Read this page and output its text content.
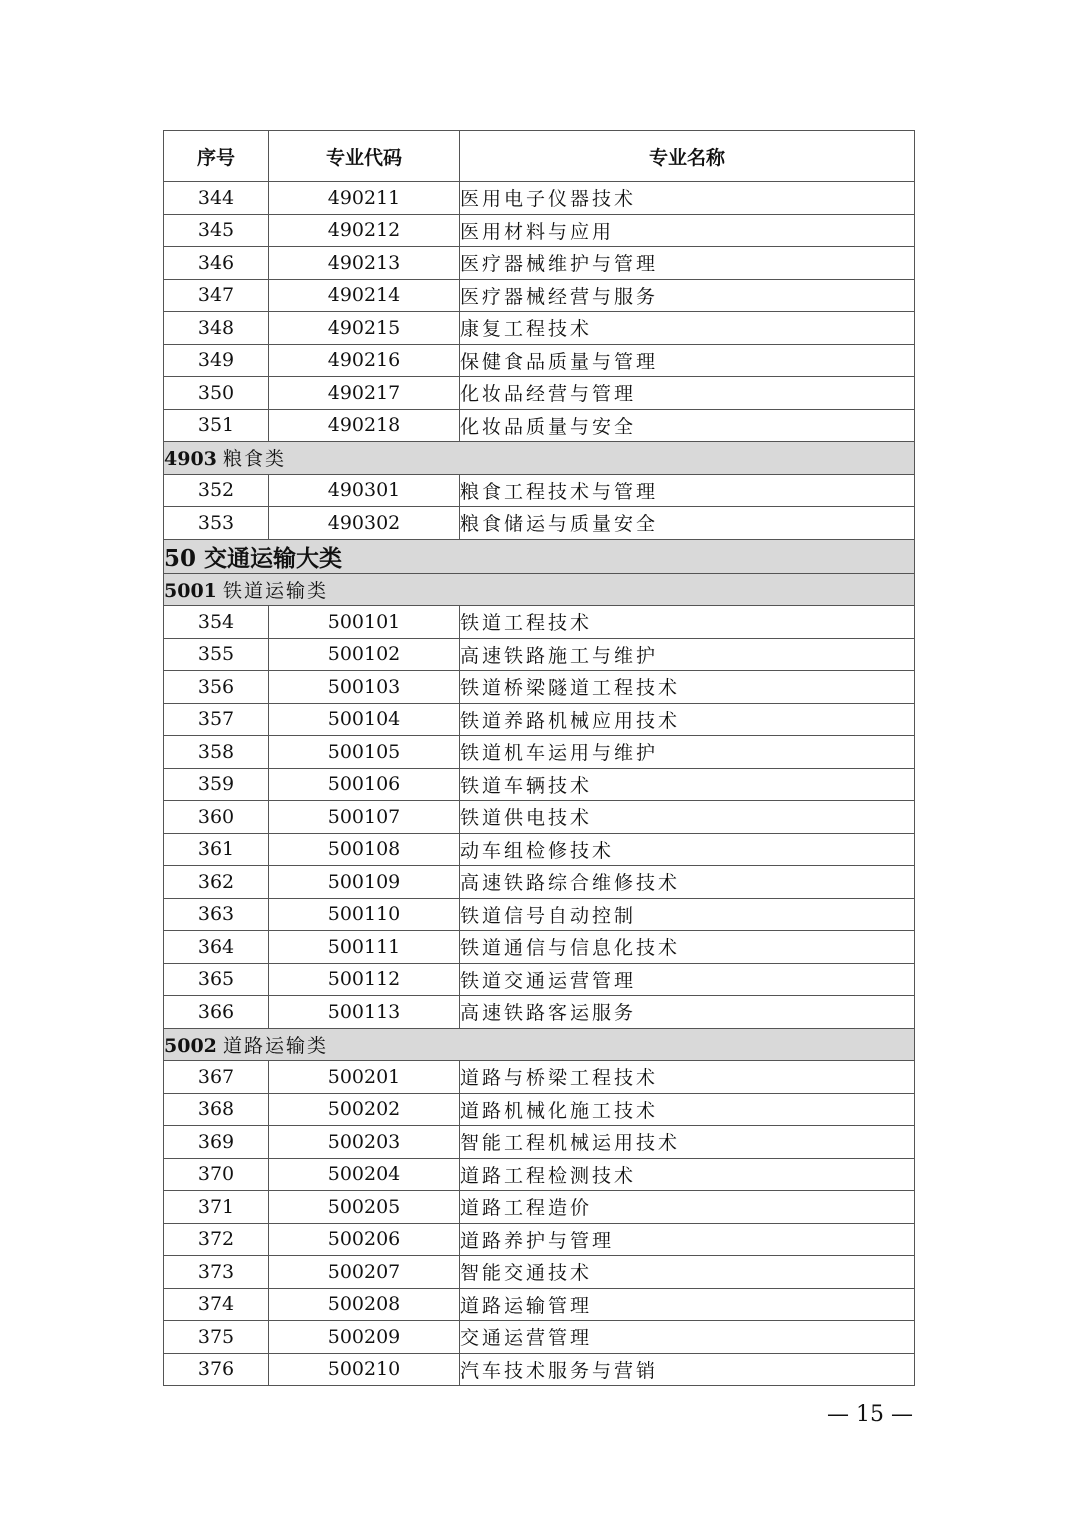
序号	专业代码	专业名称
344	490211	医用电子仪器技术
345	490212	医用材料与应用
346	490213	医疗器械维护与管理
347	490214	医疗器械经营与服务
348	490215	康复工程技术
349	490216	保健食品质量与管理
350	490217	化妆品经营与管理
351	490218	化妆品质量与安全
4903 粮食类		
352	490301	粮食工程技术与管理
353	490302	粮食储运与质量安全
50 交通运输大类		
5001 铁道运输类		
354	500101	铁道工程技术
355	500102	高速铁路施工与维护
356	500103	铁道桥梁隧道工程技术
357	500104	铁道养路机械应用技术
358	500105	铁道机车运用与维护
359	500106	铁道车辆技术
360	500107	铁道供电技术
361	500108	动车组检修技术
362	500109	高速铁路综合维修技术
363	500110	铁道信号自动控制
364	500111	铁道通信与信息化技术
365	500112	铁道交通运营管理
366	500113	高速铁路客运服务
5002 道路运输类		
367	500201	道路与桥梁工程技术
368	500202	道路机械化施工技术
369	500203	智能工程机械运用技术
370	500204	道路工程检测技术
371	500205	道路工程造价
372	500206	道路养护与管理
373	500207	智能交通技术
374	500208	道路运输管理
375	500209	交通运营管理
376	500210	汽车技术服务与营销
— 15 —
